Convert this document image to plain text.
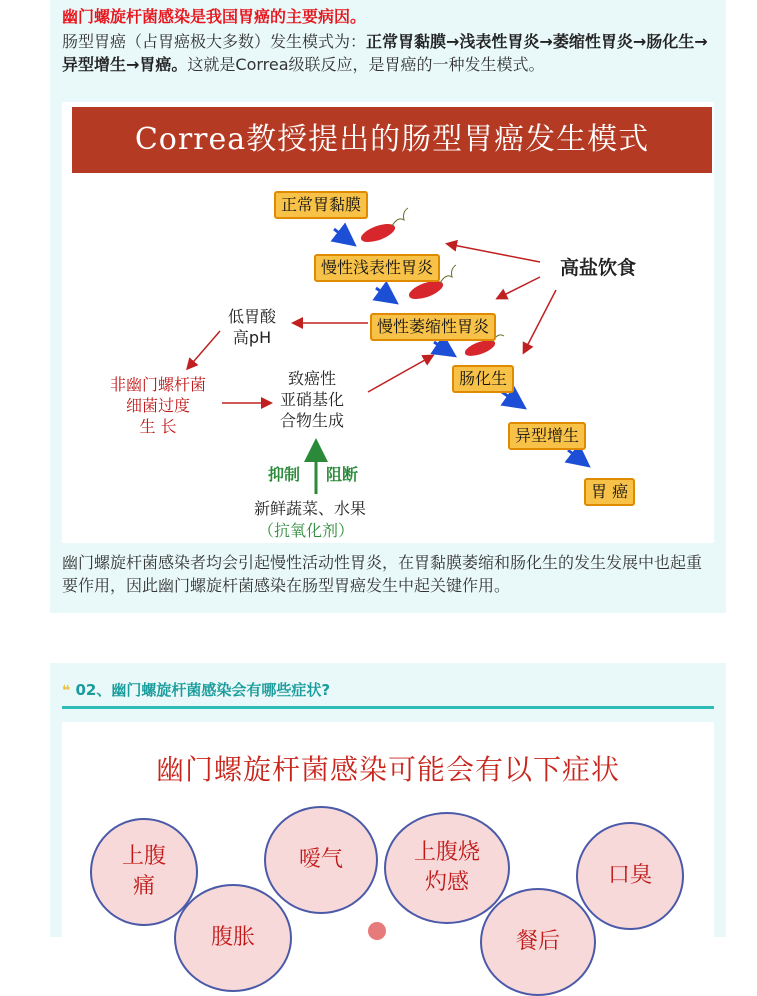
幽门螺旋杆菌感染是我国胃癌的主要病因。
肠型胃癌（占胃癌极大多数）发生模式为：正常胃黏膜→浅表性胃炎→萎缩性胃炎→肠化生→异型增生→胃癌。这就是Correa级联反应，是胃癌的一种发生模式。
Correa教授提出的肠型胃癌发生模式
正常胃黏膜
慢性浅表性胃炎
慢性萎缩性胃炎
肠化生
异型增生
胃 癌
高盐饮食
低胃酸
高pH
非幽门螺杆菌
细菌过度
生 长
致癌性
亚硝基化
合物生成
抑制 阻断
新鲜蔬菜、水果
（抗氧化剂）
幽门螺旋杆菌感染者均会引起慢性活动性胃炎，在胃黏膜萎缩和肠化生的发生发展中也起重要作用，因此幽门螺旋杆菌感染在肠型胃癌发生中起关键作用。
❝ 02、幽门螺旋杆菌感染会有哪些症状?
幽门螺旋杆菌感染可能会有以下症状
上腹
痛
嗳气	上腹烧
灼感	口臭
腹胀	餐后
